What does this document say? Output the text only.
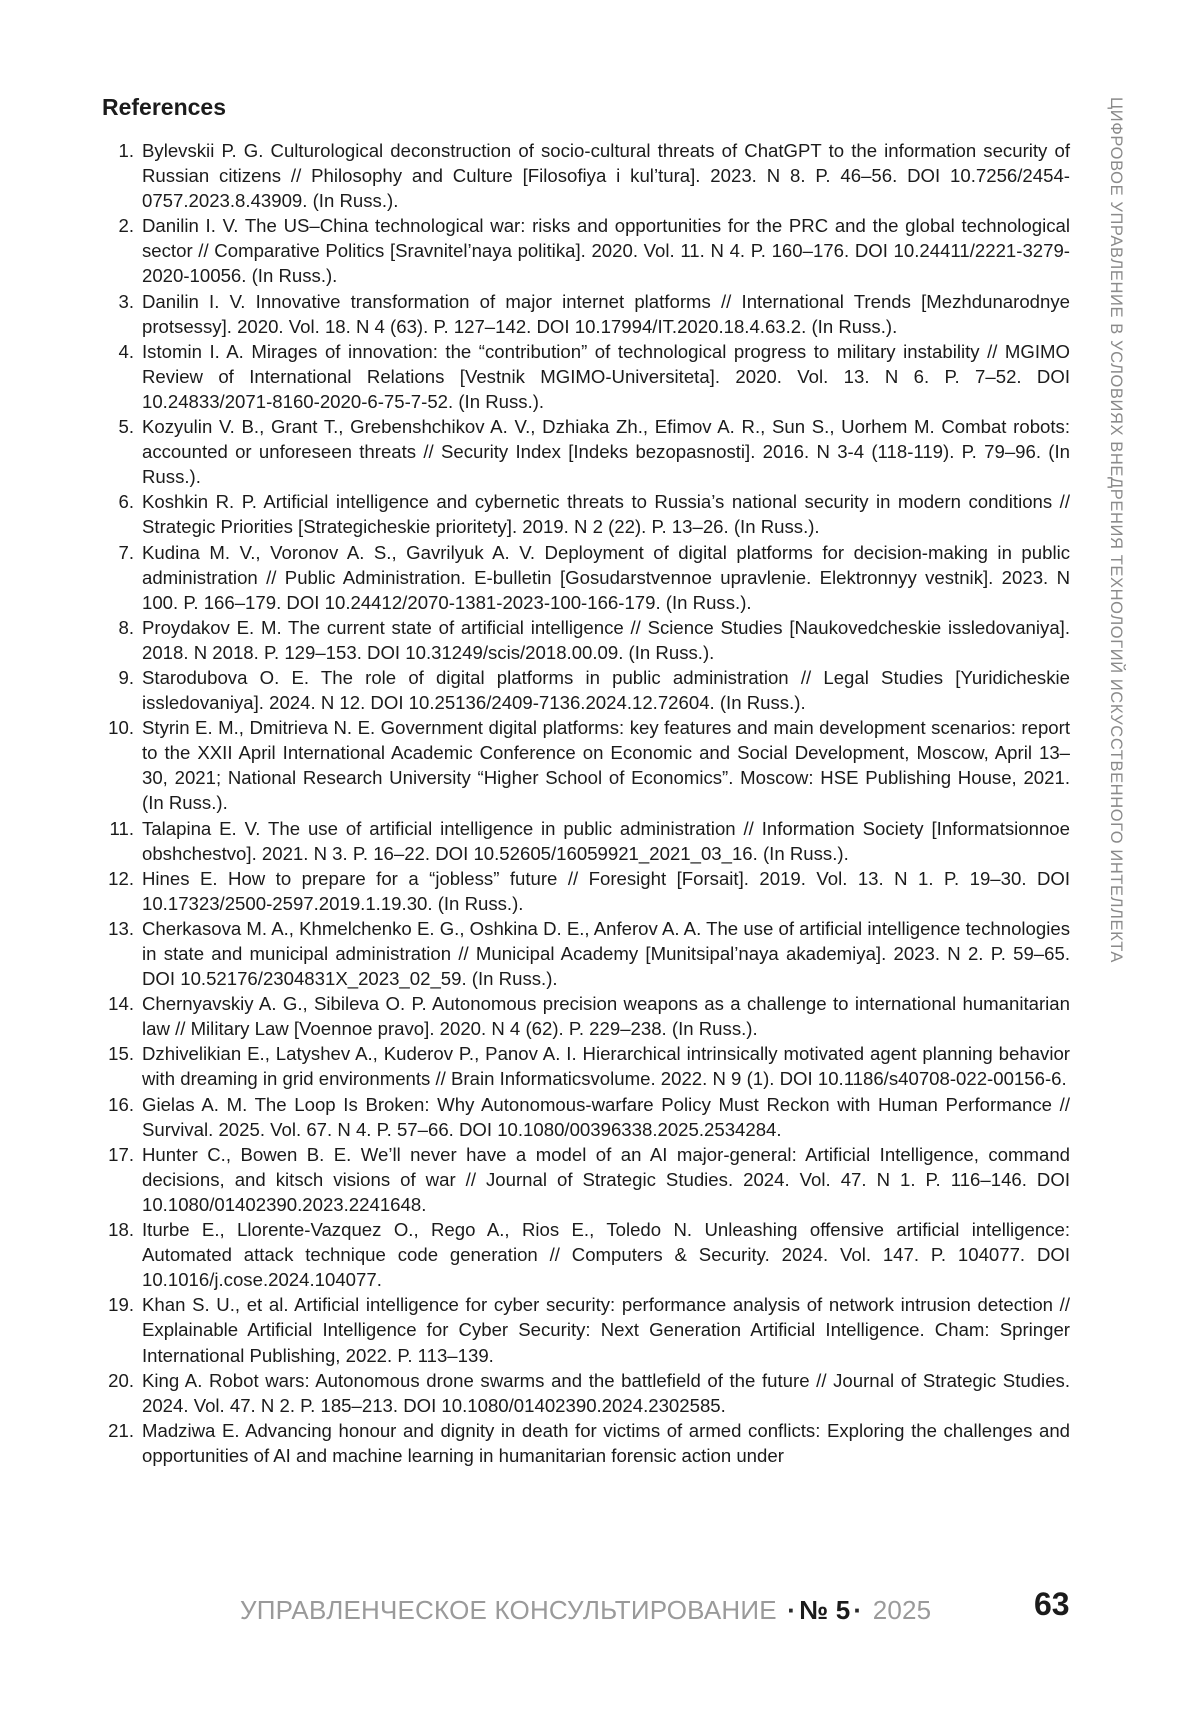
References
1. Bylevskii P. G. Culturological deconstruction of socio-cultural threats of ChatGPT to the information security of Russian citizens // Philosophy and Culture [Filosofiya i kul’tura]. 2023. N 8. P. 46–56. DOI 10.7256/2454-0757.2023.8.43909. (In Russ.).
2. Danilin I. V. The US–China technological war: risks and opportunities for the PRC and the global technological sector // Comparative Politics [Sravnitel’naya politika]. 2020. Vol. 11. N 4. P. 160–176. DOI 10.24411/2221-3279-2020-10056. (In Russ.).
3. Danilin I. V. Innovative transformation of major internet platforms // International Trends [Mezhdunarodnye protsessy]. 2020. Vol. 18. N 4 (63). P. 127–142. DOI 10.17994/IT.2020.18.4.63.2. (In Russ.).
4. Istomin I. A. Mirages of innovation: the “contribution” of technological progress to military instability // MGIMO Review of International Relations [Vestnik MGIMO-Universiteta]. 2020. Vol. 13. N 6. P. 7–52. DOI 10.24833/2071-8160-2020-6-75-7-52. (In Russ.).
5. Kozyulin V. B., Grant T., Grebenshchikov A. V., Dzhiaka Zh., Efimov A. R., Sun S., Uorhem M. Combat robots: accounted or unforeseen threats // Security Index [Indeks bezopasnosti]. 2016. N 3-4 (118-119). P. 79–96. (In Russ.).
6. Koshkin R. P. Artificial intelligence and cybernetic threats to Russia’s national security in modern conditions // Strategic Priorities [Strategicheskie prioritety]. 2019. N 2 (22). P. 13–26. (In Russ.).
7. Kudina M. V., Voronov A. S., Gavrilyuk A. V. Deployment of digital platforms for decision-making in public administration // Public Administration. E-bulletin [Gosudarstvennoe upravlenie. Elektronnyy vestnik]. 2023. N 100. P. 166–179. DOI 10.24412/2070-1381-2023-100-166-179. (In Russ.).
8. Proydakov E. M. The current state of artificial intelligence // Science Studies [Naukovedcheskie issledovaniya]. 2018. N 2018. P. 129–153. DOI 10.31249/scis/2018.00.09. (In Russ.).
9. Starodubova O. E. The role of digital platforms in public administration // Legal Studies [Yuridicheskie issledovaniya]. 2024. N 12. DOI 10.25136/2409-7136.2024.12.72604. (In Russ.).
10. Styrin E. M., Dmitrieva N. E. Government digital platforms: key features and main development scenarios: report to the XXII April International Academic Conference on Economic and Social Development, Moscow, April 13–30, 2021; National Research University “Higher School of Economics”. Moscow: HSE Publishing House, 2021. (In Russ.).
11. Talapina E. V. The use of artificial intelligence in public administration // Information Society [Informatsionnoe obshchestvo]. 2021. N 3. P. 16–22. DOI 10.52605/16059921_2021_03_16. (In Russ.).
12. Hines E. How to prepare for a “jobless” future // Foresight [Forsait]. 2019. Vol. 13. N 1. P. 19–30. DOI 10.17323/2500-2597.2019.1.19.30. (In Russ.).
13. Cherkasova M. A., Khmelchenko E. G., Oshkina D. E., Anferov A. A. The use of artificial intelligence technologies in state and municipal administration // Municipal Academy [Munitsipal’naya akademiya]. 2023. N 2. P. 59–65. DOI 10.52176/2304831X_2023_02_59. (In Russ.).
14. Chernyavskiy A. G., Sibileva O. P. Autonomous precision weapons as a challenge to international humanitarian law // Military Law [Voennoe pravo]. 2020. N 4 (62). P. 229–238. (In Russ.).
15. Dzhivelikian E., Latyshev A., Kuderov P., Panov A. I. Hierarchical intrinsically motivated agent planning behavior with dreaming in grid environments // Brain Informaticsvolume. 2022. N 9 (1). DOI 10.1186/s40708-022-00156-6.
16. Gielas A. M. The Loop Is Broken: Why Autonomous-warfare Policy Must Reckon with Human Performance // Survival. 2025. Vol. 67. N 4. P. 57–66. DOI 10.1080/00396338.2025.2534284.
17. Hunter C., Bowen B. E. We’ll never have a model of an AI major-general: Artificial Intelligence, command decisions, and kitsch visions of war // Journal of Strategic Studies. 2024. Vol. 47. N 1. P. 116–146. DOI 10.1080/01402390.2023.2241648.
18. Iturbe E., Llorente-Vazquez O., Rego A., Rios E., Toledo N. Unleashing offensive artificial intelligence: Automated attack technique code generation // Computers & Security. 2024. Vol. 147. P. 104077. DOI 10.1016/j.cose.2024.104077.
19. Khan S. U., et al. Artificial intelligence for cyber security: performance analysis of network intrusion detection // Explainable Artificial Intelligence for Cyber Security: Next Generation Artificial Intelligence. Cham: Springer International Publishing, 2022. P. 113–139.
20. King A. Robot wars: Autonomous drone swarms and the battlefield of the future // Journal of Strategic Studies. 2024. Vol. 47. N 2. P. 185–213. DOI 10.1080/01402390.2024.2302585.
21. Madziwa E. Advancing honour and dignity in death for victims of armed conflicts: Exploring the challenges and opportunities of AI and machine learning in humanitarian forensic action under
ЦИФРОВОЕ УПРАВЛЕНИЕ В УСЛОВИЯХ ВНЕДРЕНИЯ ТЕХНОЛОГИЙ ИСКУССТВЕННОГО ИНТЕЛЛЕКТА
УПРАВЛЕНЧЕСКОЕ КОНСУЛЬТИРОВАНИЕ · № 5 · 2025	63
